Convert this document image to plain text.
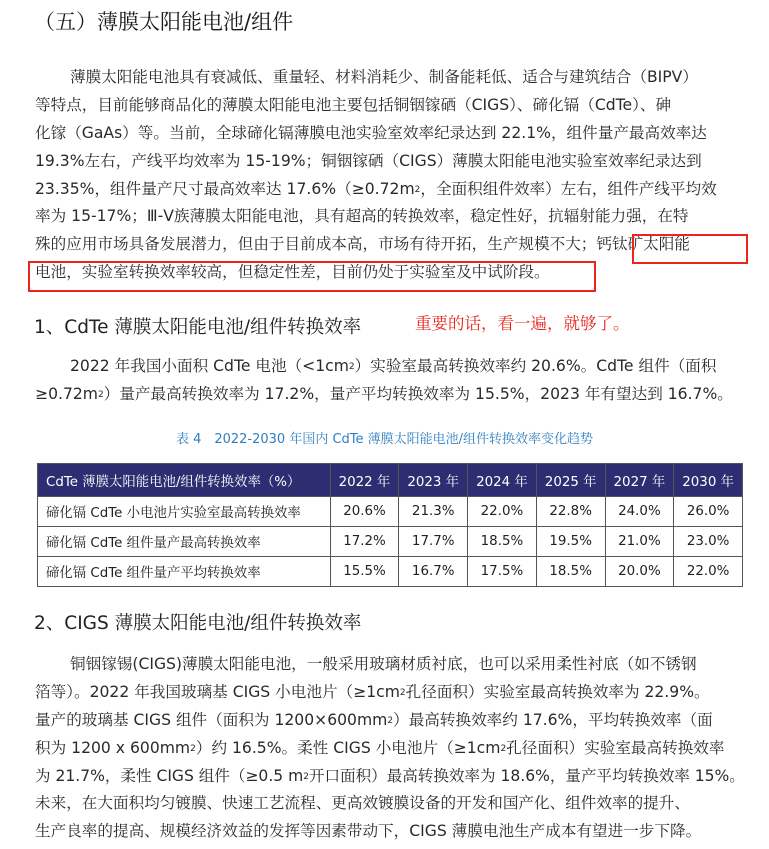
（五）薄膜太阳能电池/组件
薄膜太阳能电池具有衰减低、重量轻、材料消耗少、制备能耗低、适合与建筑结合（BIPV）
等特点，目前能够商品化的薄膜太阳能电池主要包括铜铟镓硒（CIGS）、碲化镉（CdTe）、砷
化镓（GaAs）等。当前，全球碲化镉薄膜电池实验室效率纪录达到 22.1%，组件量产最高效率达
19.3%左右，产线平均效率为 15-19%；铜铟镓硒（CIGS）薄膜太阳能电池实验室效率纪录达到
23.35%，组件量产尺寸最高效率达 $17.6\%(\ge 0.72m^2$，全面积组件效率）左右，组件产线平均效
率为 15-17%；Ⅲ-Ⅴ族薄膜太阳能电池，具有超高的转换效率，稳定性好，抗辐射能力强，在特
殊的应用市场具备发展潜力，但由于目前成本高，市场有待开拓，生产规模不大；钙钛矿太阳能
电池，实验室转换效率较高，但稳定性差，目前仍处于实验室及中试阶段。
1、CdTe 薄膜太阳能电池/组件转换效率	重要的话，看一遍，就够了。
2022 年我国小面积 CdTe 电池$(<1cm^2)$实验室最高转换效率约 20.6%。CdTe 组件（面积
$\ge 0.72m^2$）量产最高转换效率为 17.2%，量产平均转换效率为 15.5%，2023 年有望达到 16.7%。
表 4　2022-2030 年国内 CdTe 薄膜太阳能电池/组件转换效率变化趋势
CdTe 薄膜太阳能电池/组件转换效率（%）	2022 年	2023 年	2024 年	2025 年	2027 年	2030 年
碲化镉 CdTe 小电池片实验室最高转换效率	20.6%	21.3%	22.0%	22.8%	24.0%	26.0%
碲化镉 CdTe 组件量产最高转换效率	17.2%	17.7%	18.5%	19.5%	21.0%	23.0%
碲化镉 CdTe 组件量产平均转换效率	15.5%	16.7%	17.5%	18.5%	20.0%	22.0%
2、CIGS 薄膜太阳能电池/组件转换效率
铜铟镓锡(CIGS)薄膜太阳能电池，一般采用玻璃材质衬底，也可以采用柔性衬底（如不锈钢
箔等）。2022 年我国玻璃基 CIGS 小电池片（$\ge 1cm^2$孔径面积）实验室最高转换效率为 22.9%。
量产的玻璃基 CIGS 组件（面积为 $1200\times 600mm^2$）最高转换效率约 17.6%，平均转换效率（面
积为 1200 x $600mm^2$）约 16.5%。柔性 CIGS 小电池片（$\ge 1cm^2$孔径面积）实验室最高转换效率
为 21.7%，柔性 CIGS 组件（≥0.5 $m^2$开口面积）最高转换效率为 18.6%，量产平均转换效率 15%。
未来，在大面积均匀镀膜、快速工艺流程、更高效镀膜设备的开发和国产化、组件效率的提升、
生产良率的提高、规模经济效益的发挥等因素带动下，CIGS 薄膜电池生产成本有望进一步下降。
